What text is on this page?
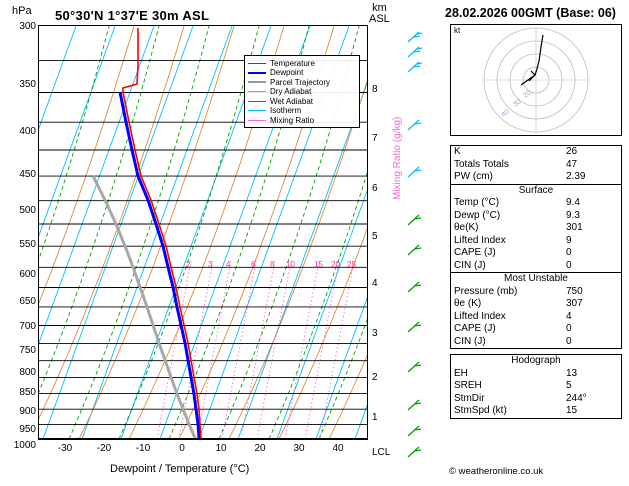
hPa 50°30'N 1°37'E 30m ASL	km
ASL
Temperature
Dewpoint
Parcel Trajectory
Dry Adiabat
Wet Adiabat
Isotherm
Mixing Ratio
2 3 4	6 8 10 15 20 25
300
350
400
450
500
550
600
650
700
750
800
850
900
950
1000
8
7
6
5
4
3
2
1
LCL
Mixing Ratio (g/kg)
-30	-20	-10	0	10	20	30	40
Dewpoint / Temperature (°C)
28.02.2026 00GMT (Base: 06)
kt
40
30
20
K	26
Totals Totals	47
PW (cm)	2.39
Surface	
Temp (°C)	9.4
Dewp (°C)	9.3
θe(K)	301
Lifted Index	9
CAPE (J)	0
CIN (J)	0
Most Unstable	
Pressure (mb)	750
θe (K)	307
Lifted Index	4
CAPE (J)	0
CIN (J)	0
Hodograph	
EH	13
SREH	5
StmDir	244°
StmSpd (kt)	15
© weatheronline.co.uk
